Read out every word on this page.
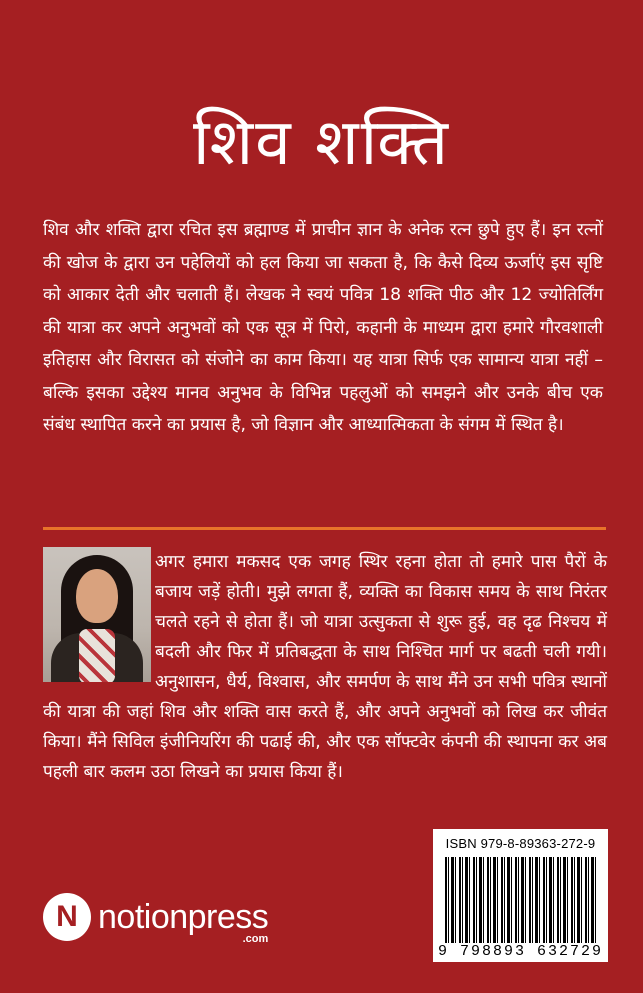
शिव शक्ति
शिव और शक्ति द्वारा रचित इस ब्रह्माण्ड में प्राचीन ज्ञान के अनेक रत्न छुपे हुए हैं। इन रत्नों की खोज के द्वारा उन पहेलियों को हल किया जा सकता है, कि कैसे दिव्य ऊर्जाएं इस सृष्टि को आकार देती और चलाती हैं। लेखक ने स्वयं पवित्र 18 शक्ति पीठ और 12 ज्योतिर्लिंग की यात्रा कर अपने अनुभवों को एक सूत्र में पिरो, कहानी के माध्यम द्वारा हमारे गौरवशाली इतिहास और विरासत को संजोने का काम किया। यह यात्रा सिर्फ एक सामान्य यात्रा नहीं – बल्कि इसका उद्देश्य मानव अनुभव के विभिन्न पहलुओं को समझने और उनके बीच एक संबंध स्थापित करने का प्रयास है, जो विज्ञान और आध्यात्मिकता के संगम में स्थित है।
अगर हमारा मकसद एक जगह स्थिर रहना होता तो हमारे पास पैरों के बजाय जड़ें होती। मुझे लगता हैं, व्यक्ति का विकास समय के साथ निरंतर चलते रहने से होता हैं। जो यात्रा उत्सुकता से शुरू हुई, वह दृढ निश्चय में बदली और फिर में प्रतिबद्धता के साथ निश्चित मार्ग पर बढती चली गयी। अनुशासन, धैर्य, विश्वास, और समर्पण के साथ मैंने उन सभी पवित्र स्थानों की यात्रा की जहां शिव और शक्ति वास करते हैं, और अपने अनुभवों को लिख कर जीवंत किया। मैंने सिविल इंजीनियरिंग की पढाई की, और एक सॉफ्टवेर कंपनी की स्थापना कर अब पहली बार कलम उठा लिखने का प्रयास किया हैं।
N notionpress
.com
ISBN 979-8-89363-272-9
9 798893 632729
